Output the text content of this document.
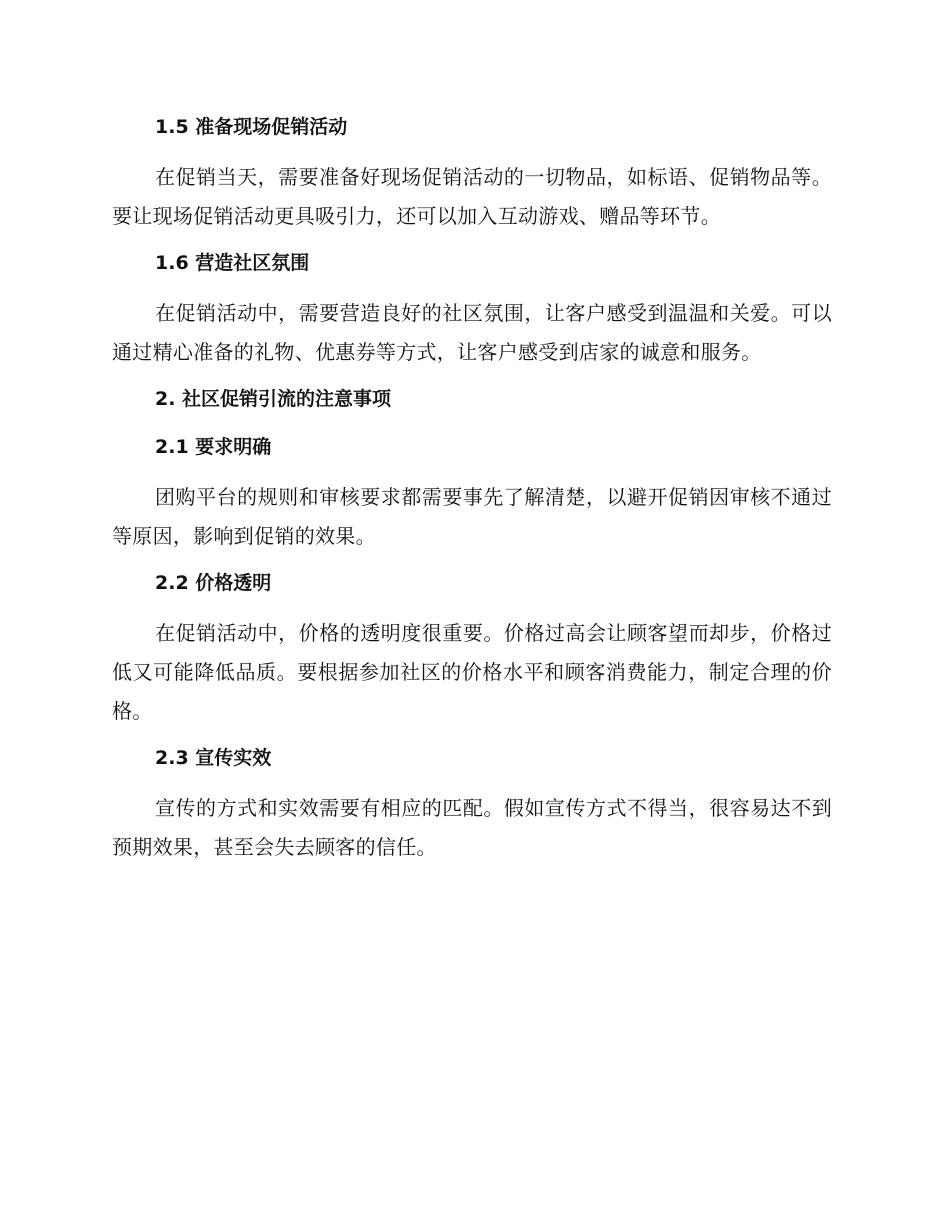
1.5 准备现场促销活动

在促销当天，需要准备好现场促销活动的一切物品，如标语、促销物品等。要让现场促销活动更具吸引力，还可以加入互动游戏、赠品等环节。

1.6 营造社区氛围

在促销活动中，需要营造良好的社区氛围，让客户感受到温温和关爱。可以通过精心准备的礼物、优惠券等方式，让客户感受到店家的诚意和服务。

2. 社区促销引流的注意事项
2.1 要求明确

团购平台的规则和审核要求都需要事先了解清楚，以避开促销因审核不通过等原因，影响到促销的效果。

2.2 价格透明

在促销活动中，价格的透明度很重要。价格过高会让顾客望而却步，价格过低又可能降低品质。要根据参加社区的价格水平和顾客消费能力，制定合理的价格。

2.3 宣传实效

宣传的方式和实效需要有相应的匹配。假如宣传方式不得当，很容易达不到预期效果，甚至会失去顾客的信任。
